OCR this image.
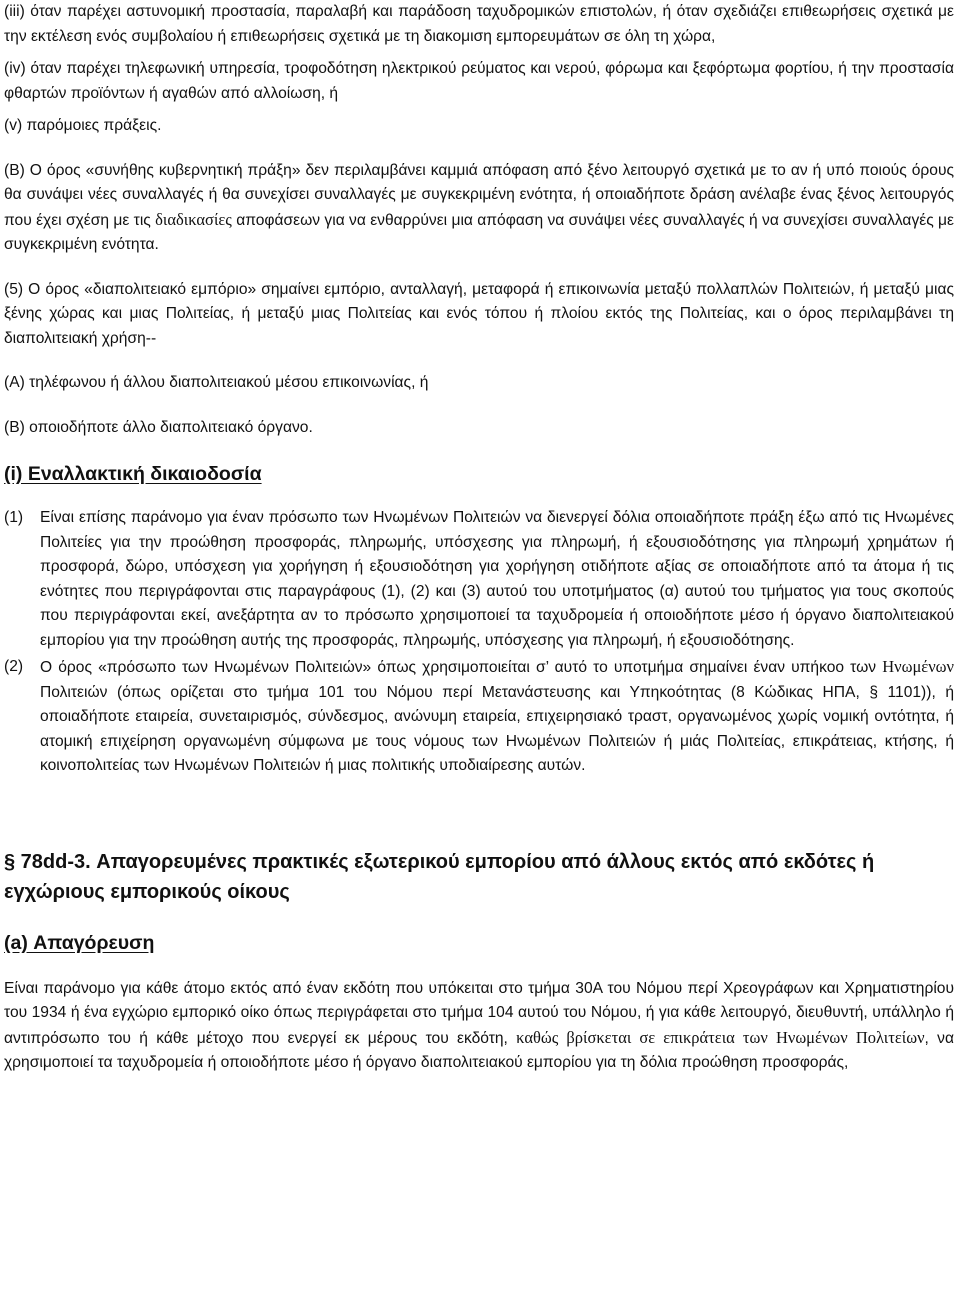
(iii) όταν παρέχει αστυνομική προστασία, παραλαβή και παράδοση ταχυδρομικών επιστολών, ή όταν σχεδιάζει επιθεωρήσεις σχετικά με την εκτέλεση ενός συμβολαίου ή επιθεωρήσεις σχετικά με τη διακομιση εμπορευμάτων σε όλη τη χώρα,

(iv) όταν παρέχει τηλεφωνική υπηρεσία, τροφοδότηση ηλεκτρικού ρεύματος και νερού, φόρωμα και ξεφόρτωμα φορτίου, ή την προστασία φθαρτών προϊόντων ή αγαθών από αλλοίωση, ή

(v) παρόμοιες πράξεις.

(B) Ο όρος «συνήθης κυβερνητική πράξη» δεν περιλαμβάνει καμμιά απόφαση από ξένο λειτουργό σχετικά με το αν ή υπό ποιούς όρους θα συνάψει νέες συναλλαγές ή θα συνεχίσει συναλλαγές με συγκεκριμένη ενότητα, ή οποιαδήποτε δράση ανέλαβε ένας ξένος λειτουργός που έχει σχέση με τις διαδικασίες αποφάσεων για να ενθαρρύνει μια απόφαση να συνάψει νέες συναλλαγές ή να συνεχίσει συναλλαγές με συγκεκριμένη ενότητα.

(5) Ο όρος «διαπολιτειακό εμπόριο» σημαίνει εμπόριο, ανταλλαγή, μεταφορά ή επικοινωνία μεταξύ πολλαπλών Πολιτειών, ή μεταξύ μιας ξένης χώρας και μιας Πολιτείας, ή μεταξύ μιας Πολιτείας και ενός τόπου ή πλοίου εκτός της Πολιτείας, και ο όρος περιλαμβάνει τη διαπολιτειακή χρήση--

(A) τηλέφωνου ή άλλου διαπολιτειακού μέσου επικοινωνίας, ή

(B) οποιοδήποτε άλλο διαπολιτειακό όργανο.

(i) Εναλλακτική δικαιοδοσία

(1)	Είναι επίσης παράνομο για έναν πρόσωπο των Ηνωμένων Πολιτειών να διενεργεί δόλια οποιαδήποτε πράξη έξω από τις Ηνωμένες Πολιτείες για την προώθηση προσφοράς, πληρωμής, υπόσχεσης για πληρωμή, ή εξουσιοδότησης για πληρωμή χρημάτων ή προσφορά, δώρο, υπόσχεση για χορήγηση ή εξουσιοδότηση για χορήγηση οτιδήποτε αξίας σε οποιαδήποτε από τα άτομα ή τις ενότητες που περιγράφονται στις παραγράφους (1), (2) και (3) αυτού του υποτμήματος (α) αυτού του τμήματος για τους σκοπούς που περιγράφονται εκεί, ανεξάρτητα αν το πρόσωπο χρησιμοποιεί τα ταχυδρομεία ή οποιοδήποτε μέσο ή όργανο διαπολιτειακού εμπορίου για την προώθηση αυτής της προσφοράς, πληρωμής, υπόσχεσης για πληρωμή, ή εξουσιοδότησης.

(2)	Ο όρος «πρόσωπο των Ηνωμένων Πολιτειών» όπως χρησιμοποιείται σ’ αυτό το υποτμήμα σημαίνει έναν υπήκοο των Ηνωμένων Πολιτειών (όπως ορίζεται στο τμήμα 101 του Νόμου περί Μετανάστευσης και Υπηκοότητας (8 Κώδικας ΗΠΑ, § 1101)), ή οποιαδήποτε εταιρεία, συνεταιρισμός, σύνδεσμος, ανώνυμη εταιρεία, επιχειρησιακό τραστ, οργανωμένος χωρίς νομική οντότητα, ή ατομική επιχείρηση οργανωμένη σύμφωνα με τους νόμους των Ηνωμένων Πολιτειών ή μιάς Πολιτείας, επικράτειας, κτήσης, ή κοινοπολιτείας των Ηνωμένων Πολιτειών ή μιας πολιτικής υποδιαίρεσης αυτών.

§ 78dd-3. Απαγορευμένες πρακτικές εξωτερικού εμπορίου από άλλους εκτός από εκδότες ή εγχώριους εμπορικούς οίκους

(a) Απαγόρευση

Είναι παράνομο για κάθε άτομο εκτός από έναν εκδότη που υπόκειται στο τμήμα 30A του Νόμου περί Χρεογράφων και Χρηματιστηρίου του 1934 ή ένα εγχώριο εμπορικό οίκο όπως περιγράφεται στο τμήμα 104 αυτού του Νόμου, ή για κάθε λειτουργό, διευθυντή, υπάλληλο ή αντιπρόσωπο του ή κάθε μέτοχο που ενεργεί εκ μέρους του εκδότη, καθώς βρίσκεται σε επικράτεια των Ηνωμένων Πολιτείων, να χρησιμοποιεί τα ταχυδρομεία ή οποιοδήποτε μέσο ή όργανο διαπολιτειακού εμπορίου για τη δόλια προώθηση προσφοράς,
